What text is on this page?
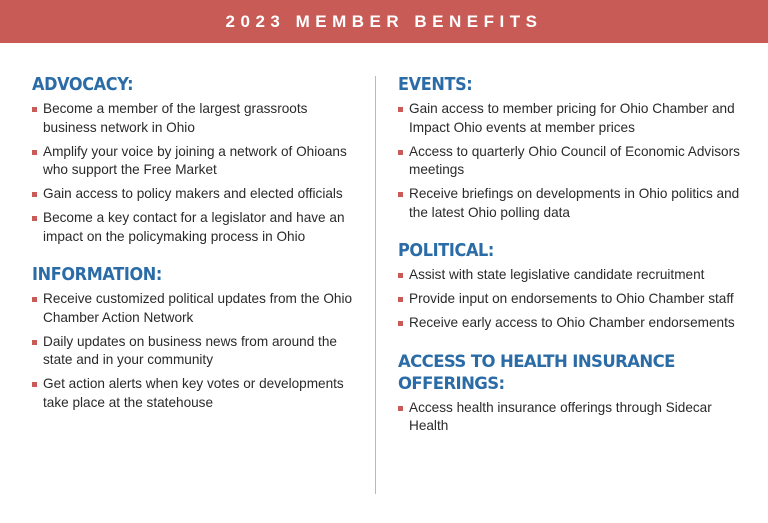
2023 MEMBER BENEFITS
ADVOCACY:
Become a member of the largest grassroots business network in Ohio
Amplify your voice by joining a network of Ohioans who support the Free Market
Gain access to policy makers and elected officials
Become a key contact for a legislator and have an impact on the policymaking process in Ohio
INFORMATION:
Receive customized political updates from the Ohio Chamber Action Network
Daily updates on business news from around the state and in your community
Get action alerts when key votes or developments take place at the statehouse
EVENTS:
Gain access to member pricing for Ohio Chamber and Impact Ohio events at member prices
Access to quarterly Ohio Council of Economic Advisors meetings
Receive briefings on developments in Ohio politics and the latest Ohio polling data
POLITICAL:
Assist with state legislative candidate recruitment
Provide input on endorsements to Ohio Chamber staff
Receive early access to Ohio Chamber endorsements
ACCESS TO HEALTH INSURANCE OFFERINGS:
Access health insurance offerings through Sidecar Health
